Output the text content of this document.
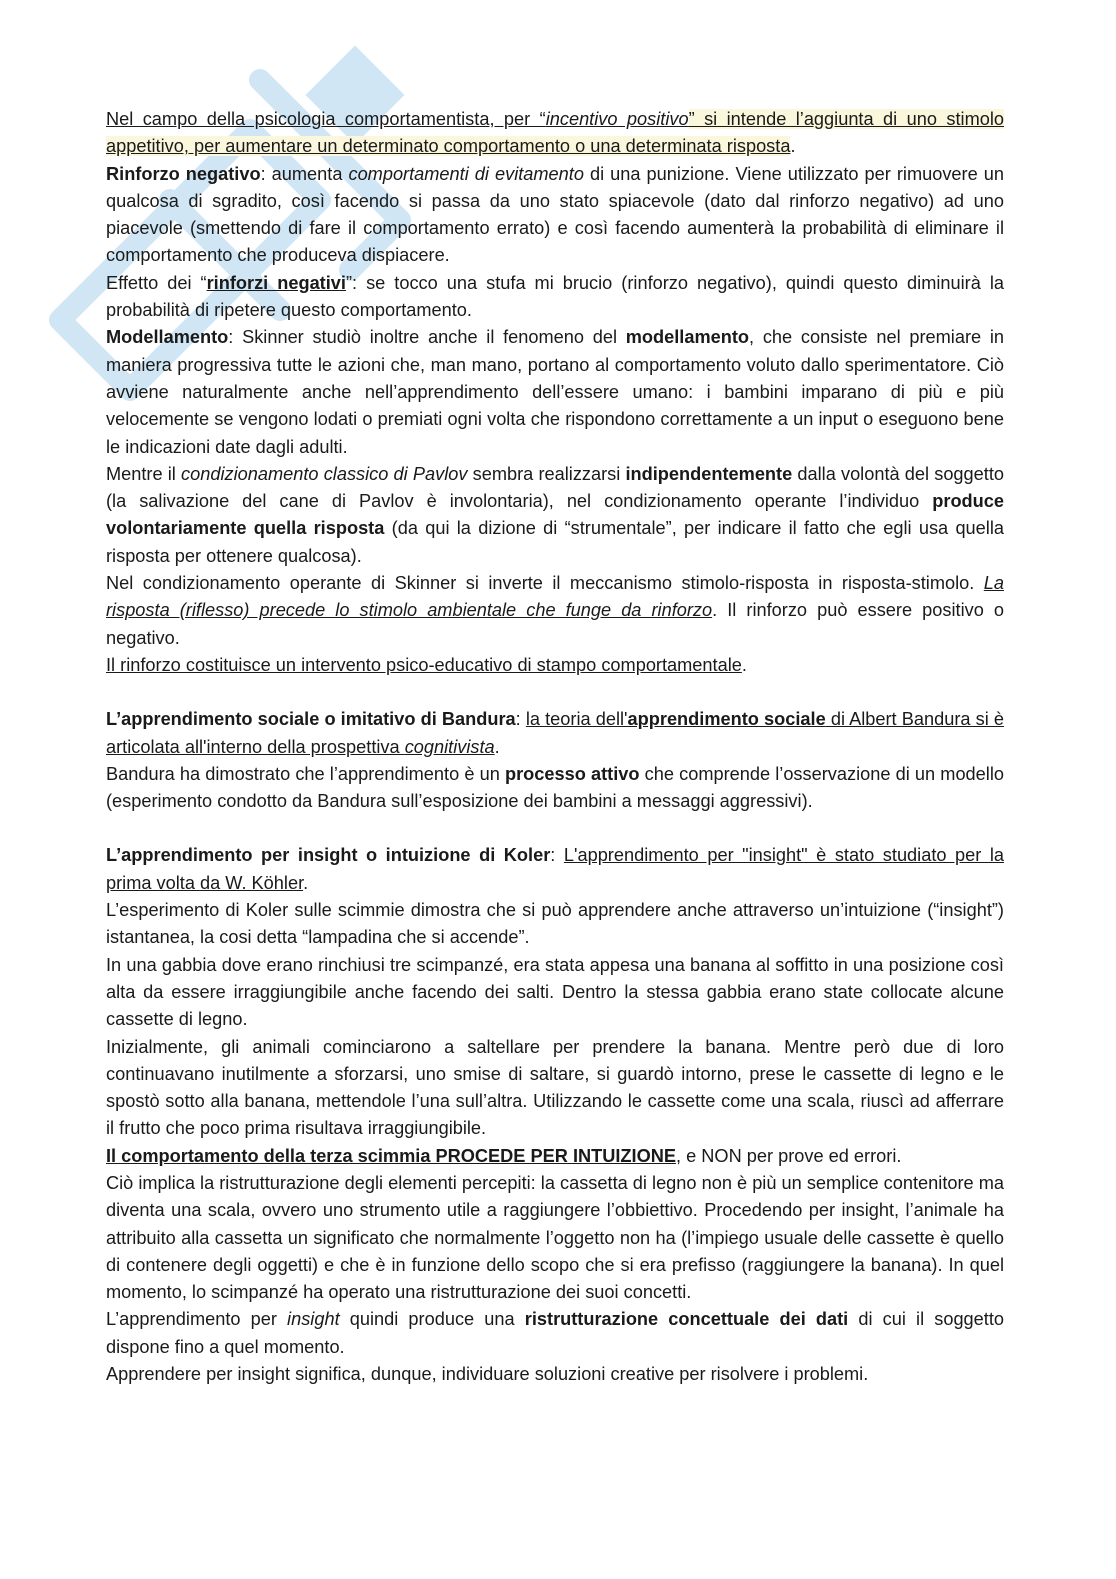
Nel campo della psicologia comportamentista, per “incentivo positivo” si intende l’aggiunta di uno stimolo appetitivo, per aumentare un determinato comportamento o una determinata risposta.

Rinforzo negativo: aumenta comportamenti di evitamento di una punizione. Viene utilizzato per rimuovere un qualcosa di sgradito, così facendo si passa da uno stato spiacevole (dato dal rinforzo negativo) ad uno piacevole (smettendo di fare il comportamento errato) e così facendo aumenterà la probabilità di eliminare il comportamento che produceva dispiacere.

Effetto dei “rinforzi negativi”: se tocco una stufa mi brucio (rinforzo negativo), quindi questo diminuirà la probabilità di ripetere questo comportamento.

Modellamento: Skinner studiò inoltre anche il fenomeno del modellamento, che consiste nel premiare in maniera progressiva tutte le azioni che, man mano, portano al comportamento voluto dallo sperimentatore. Ciò avviene naturalmente anche nell’apprendimento dell’essere umano: i bambini imparano di più e più velocemente se vengono lodati o premiati ogni volta che rispondono correttamente a un input o eseguono bene le indicazioni date dagli adulti.

Mentre il condizionamento classico di Pavlov sembra realizzarsi indipendentemente dalla volontà del soggetto (la salivazione del cane di Pavlov è involontaria), nel condizionamento operante l’individuo produce volontariamente quella risposta (da qui la dizione di “strumentale”, per indicare il fatto che egli usa quella risposta per ottenere qualcosa).

Nel condizionamento operante di Skinner si inverte il meccanismo stimolo-risposta in risposta-stimolo. La risposta (riflesso) precede lo stimolo ambientale che funge da rinforzo. Il rinforzo può essere positivo o negativo.

Il rinforzo costituisce un intervento psico-educativo di stampo comportamentale.

L’apprendimento sociale o imitativo di Bandura: la teoria dell'apprendimento sociale di Albert Bandura si è articolata all'interno della prospettiva cognitivista.

Bandura ha dimostrato che l’apprendimento è un processo attivo che comprende l’osservazione di un modello (esperimento condotto da Bandura sull’esposizione dei bambini a messaggi aggressivi).

L’apprendimento per insight o intuizione di Koler: L'apprendimento per "insight" è stato studiato per la prima volta da W. Köhler.

L’esperimento di Koler sulle scimmie dimostra che si può apprendere anche attraverso un’intuizione (“insight”) istantanea, la cosi detta “lampadina che si accende”.

In una gabbia dove erano rinchiusi tre scimpanzé, era stata appesa una banana al soffitto in una posizione così alta da essere irraggiungibile anche facendo dei salti. Dentro la stessa gabbia erano state collocate alcune cassette di legno.

Inizialmente, gli animali cominciarono a saltellare per prendere la banana. Mentre però due di loro continuavano inutilmente a sforzarsi, uno smise di saltare, si guardò intorno, prese le cassette di legno e le spostò sotto alla banana, mettendole l’una sull’altra. Utilizzando le cassette come una scala, riuscì ad afferrare il frutto che poco prima risultava irraggiungibile.

Il comportamento della terza scimmia PROCEDE PER INTUIZIONE, e NON per prove ed errori.

Ciò implica la ristrutturazione degli elementi percepiti: la cassetta di legno non è più un semplice contenitore ma diventa una scala, ovvero uno strumento utile a raggiungere l’obbiettivo. Procedendo per insight, l’animale ha attribuito alla cassetta un significato che normalmente l’oggetto non ha (l’impiego usuale delle cassette è quello di contenere degli oggetti) e che è in funzione dello scopo che si era prefisso (raggiungere la banana). In quel momento, lo scimpanzé ha operato una ristrutturazione dei suoi concetti.

L’apprendimento per insight quindi produce una ristrutturazione concettuale dei dati di cui il soggetto dispone fino a quel momento.

Apprendere per insight significa, dunque, individuare soluzioni creative per risolvere i problemi.
